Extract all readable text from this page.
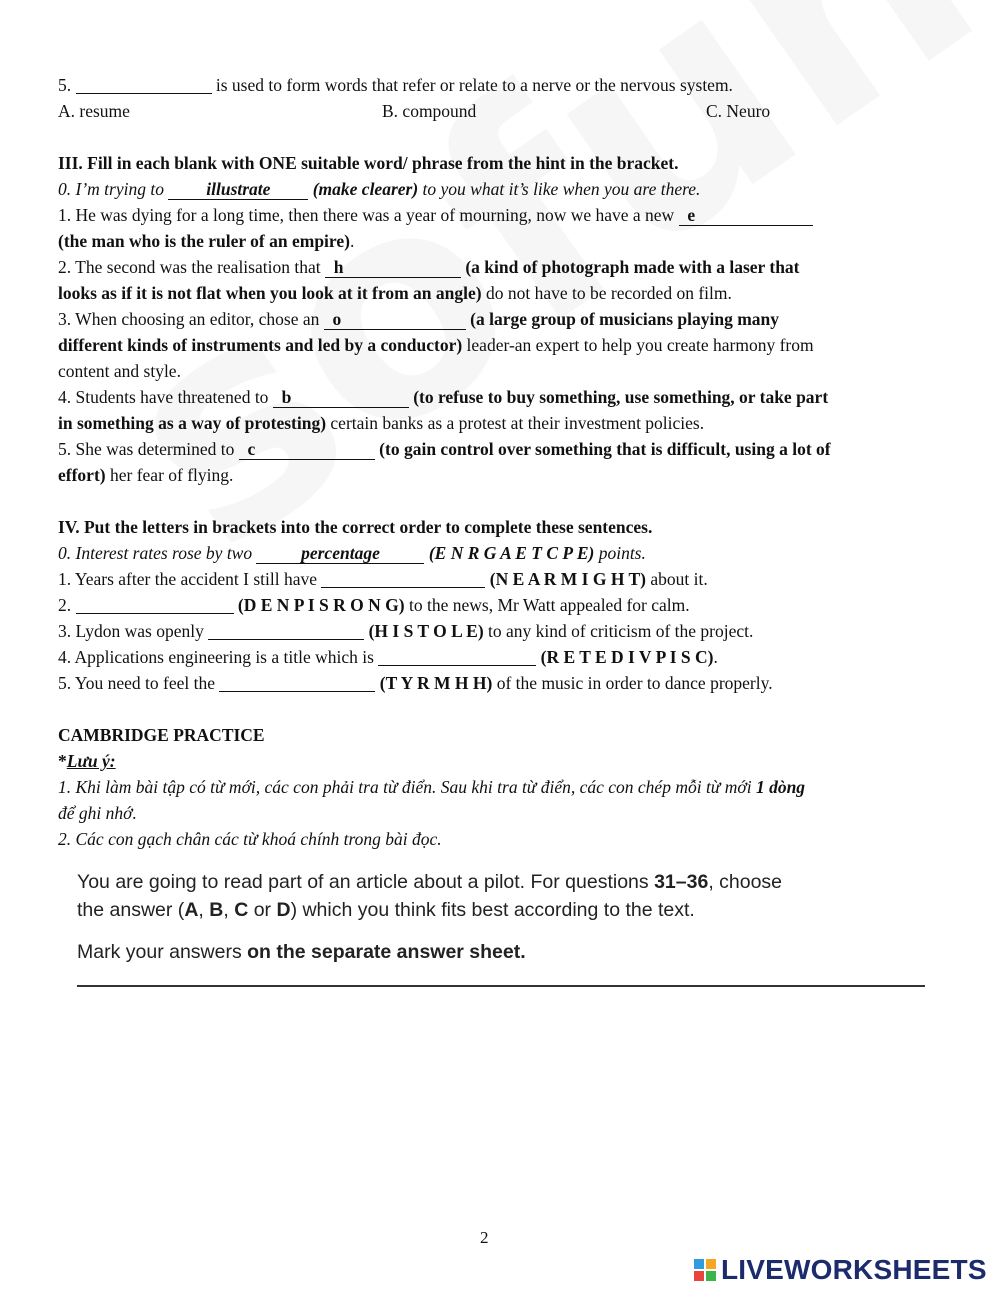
5.	is used to form words that refer or relate to a nerve or the nervous system.
A. resume	B. compound	C. Neuro
III. Fill in each blank with ONE suitable word/ phrase from the hint in the bracket.
0. I’m trying to illustrate (make clearer) to you what it’s like when you are there.
1. He was dying for a long time, then there was a year of mourning, now we have a new   e
(the man who is the ruler of an empire).
2. The second was the realisation that   h	(a kind of photograph made with a laser that
looks as if it is not flat when you look at it from an angle) do not have to be recorded on film.
3. When choosing an editor, chose an   o	(a large group of musicians playing many
different kinds of instruments and led by a conductor) leader-an expert to help you create harmony from
content and style.
4. Students have threatened to   b	(to refuse to buy something, use something, or take part
in something as a way of protesting) certain banks as a protest at their investment policies.
5. She was determined to   c	(to gain control over something that is difficult, using a lot of
effort) her fear of flying.
IV. Put the letters in brackets into the correct order to complete these sentences.
0. Interest rates rose by two	percentage	(E N R G A E T C P E) points.
1. Years after the accident I still have	(N E A R M I G H T) about it.
2.	(D E N P I S R O N G) to the news, Mr Watt appealed for calm.
3. Lydon was openly	(H I S T O L E) to any kind of criticism of the project.
4. Applications engineering is a title which is	(R E T E D I V P I S C).
5. You need to feel the	(T Y R M H H) of the music in order to dance properly.
CAMBRIDGE PRACTICE
*Lưu ý:
1. Khi làm bài tập có từ mới, các con phải tra từ điển. Sau khi tra từ điển, các con chép mỗi từ mới 1 dòng
để ghi nhớ.
2. Các con gạch chân các từ khoá chính trong bài đọc.
You are going to read part of an article about a pilot. For questions 31–36, choose
the answer (A, B, C or D) which you think fits best according to the text.
Mark your answers on the separate answer sheet.
2
LIVEWORKSHEETS
